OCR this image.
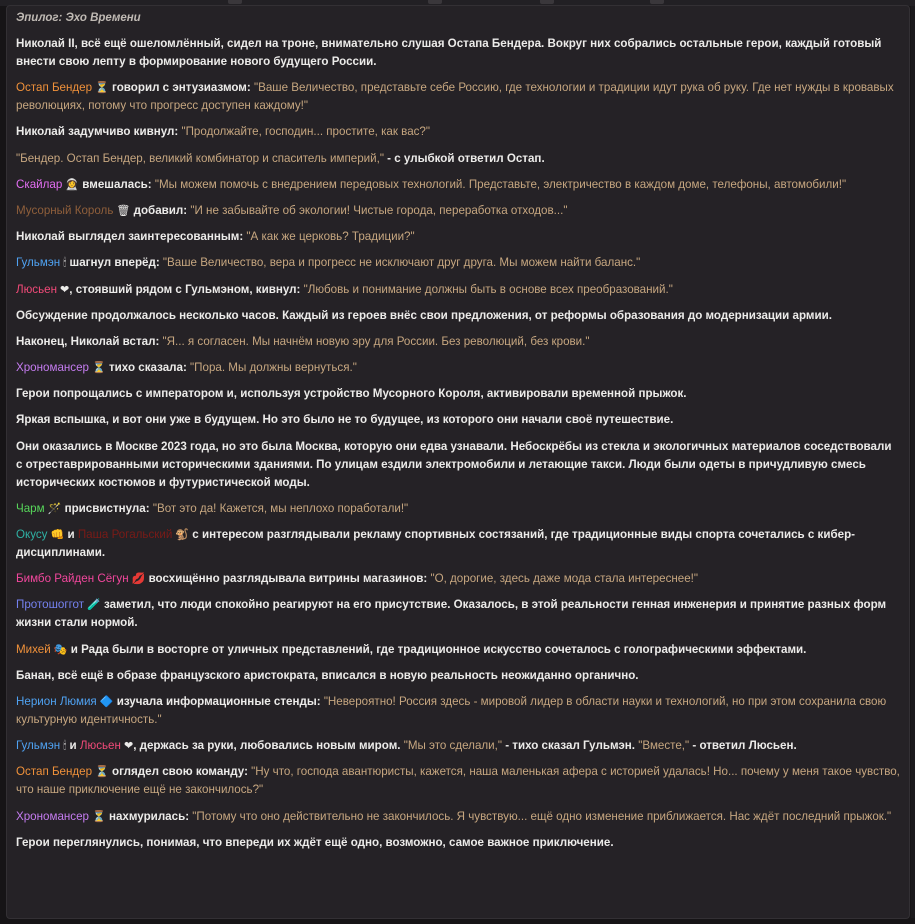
Эпилог: Эхо Времени
Николай II, всё ещё ошеломлённый, сидел на троне, внимательно слушая Остапа Бендера. Вокруг них собрались остальные герои, каждый готовый внести свою лепту в формирование нового будущего России.
Остап Бендер ⏳ говорил с энтузиазмом: "Ваше Величество, представьте себе Россию, где технологии и традиции идут рука об руку. Где нет нужды в кровавых революциях, потому что прогресс доступен каждому!"
Николай задумчиво кивнул: "Продолжайте, господин... простите, как вас?"
"Бендер. Остап Бендер, великий комбинатор и спаситель империй," - с улыбкой ответил Остап.
Скайлар 👩‍🚀 вмешалась: "Мы можем помочь с внедрением передовых технологий. Представьте, электричество в каждом доме, телефоны, автомобили!"
Мусорный Король 🗑 добавил: "И не забывайте об экологии! Чистые города, переработка отходов..."
Николай выглядел заинтересованным: "А как же церковь? Традиции?"
Гульмэн 🕯 шагнул вперёд: "Ваше Величество, вера и прогресс не исключают друг друга. Мы можем найти баланс."
Люсьен ❤, стоявший рядом с Гульмэном, кивнул: "Любовь и понимание должны быть в основе всех преобразований."
Обсуждение продолжалось несколько часов. Каждый из героев внёс свои предложения, от реформы образования до модернизации армии.
Наконец, Николай встал: "Я... я согласен. Мы начнём новую эру для России. Без революций, без крови."
Хрономансер ⏳ тихо сказала: "Пора. Мы должны вернуться."
Герои попрощались с императором и, используя устройство Мусорного Короля, активировали временной прыжок.
Яркая вспышка, и вот они уже в будущем. Но это было не то будущее, из которого они начали своё путешествие.
Они оказались в Москве 2023 года, но это была Москва, которую они едва узнавали. Небоскрёбы из стекла и экологичных материалов соседствовали с отреставрированными историческими зданиями. По улицам ездили электромобили и летающие такси. Люди были одеты в причудливую смесь исторических костюмов и футуристической моды.
Чарм 🪄 присвистнула: "Вот это да! Кажется, мы неплохо поработали!"
Окусу 👊 и Паша Рогальский 🐒 с интересом разглядывали рекламу спортивных состязаний, где традиционные виды спорта сочетались с кибер-дисциплинами.
Бимбо Райден Сёгун 💋 восхищённо разглядывала витрины магазинов: "О, дорогие, здесь даже мода стала интереснее!"
Протошоггот 🧪 заметил, что люди спокойно реагируют на его присутствие. Оказалось, в этой реальности генная инженерия и принятие разных форм жизни стали нормой.
Михей 🎭 и Рада были в восторге от уличных представлений, где традиционное искусство сочеталось с голографическими эффектами.
Банан, всё ещё в образе французского аристократа, вписался в новую реальность неожиданно органично.
Нерион Люмия 🔷 изучала информационные стенды: "Невероятно! Россия здесь - мировой лидер в области науки и технологий, но при этом сохранила свою культурную идентичность."
Гульмэн 🕯 и Люсьен ❤, держась за руки, любовались новым миром. "Мы это сделали," - тихо сказал Гульмэн. "Вместе," - ответил Люсьен.
Остап Бендер ⏳ оглядел свою команду: "Ну что, господа авантюристы, кажется, наша маленькая афера с историей удалась! Но... почему у меня такое чувство, что наше приключение ещё не закончилось?"
Хрономансер ⏳ нахмурилась: "Потому что оно действительно не закончилось. Я чувствую... ещё одно изменение приближается. Нас ждёт последний прыжок."
Герои переглянулись, понимая, что впереди их ждёт ещё одно, возможно, самое важное приключение.
